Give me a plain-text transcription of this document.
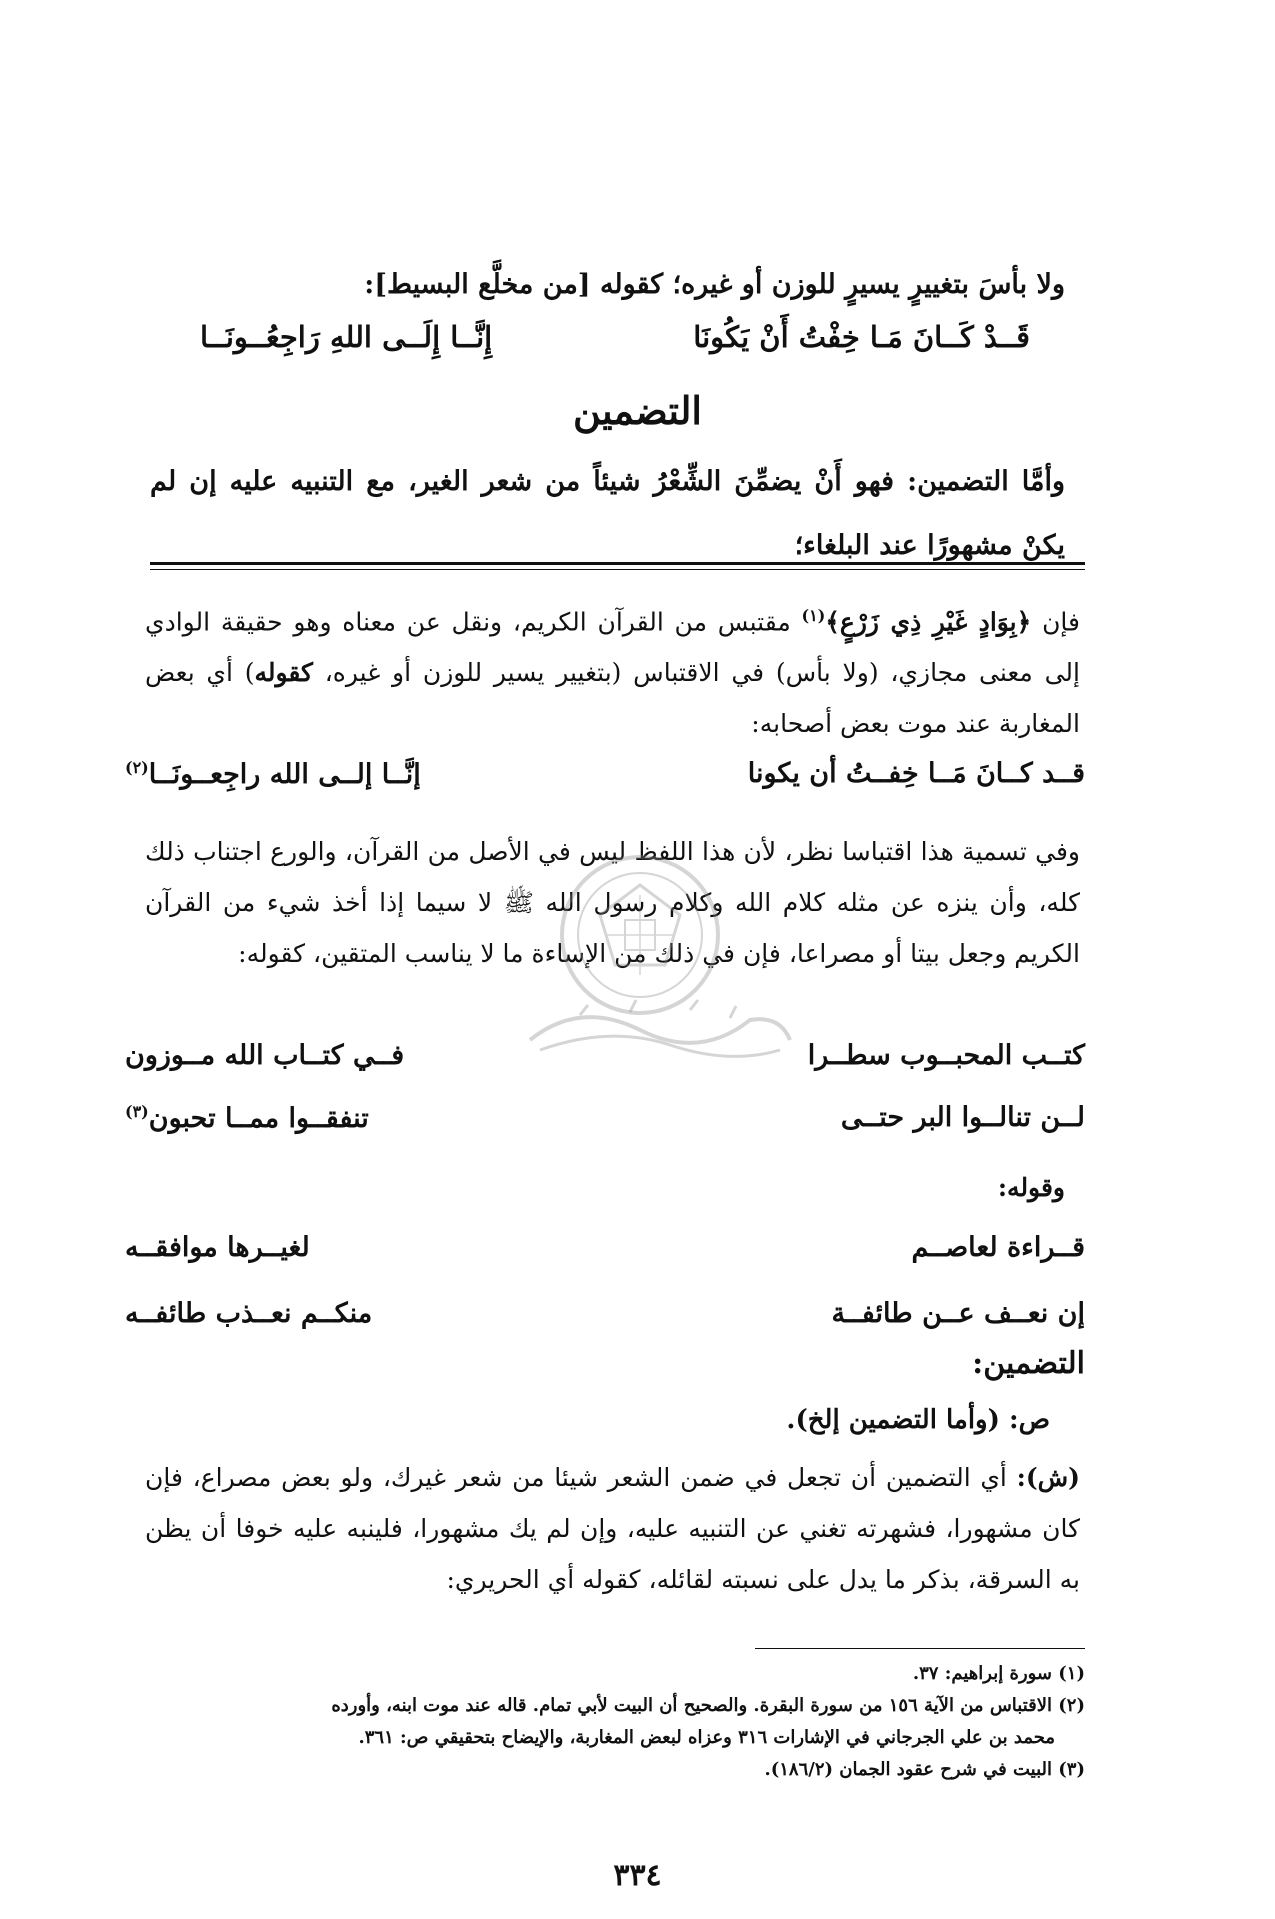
ولا بأسَ بتغييرٍ يسيرٍ للوزن أو غيره؛ كقوله [من مخلَّع البسيط]:

قَــدْ كَــانَ مَـا خِفْتُ أَنْ يَكُونَا
إِنَّــا إِلَــى اللهِ رَاجِعُــونَــا
التضمين

وأمَّا التضمين: فهو أَنْ يضمِّنَ الشِّعْرُ شيئاً من شعر الغير، مع التنبيه عليه إن لم يكنْ مشهورًا عند البلغاء؛

فإن ﴿بِوَادٍ غَيْرِ ذِي زَرْعٍ﴾$^{(١)}$ مقتبس من القرآن الكريم، ونقل عن معناه وهو حقيقة الوادي إلى معنى مجازي، (ولا بأس) في الاقتباس (بتغيير يسير للوزن أو غيره، كقوله) أي بعض المغاربة عند موت بعض أصحابه:

قــد كــانَ مَــا خِفــتُ أن يكونا
إنَّــا إلــى الله راجِعــونَــا$^{(٢)}$

وفي تسمية هذا اقتباسا نظر، لأن هذا اللفظ ليس في الأصل من القرآن، والورع اجتناب ذلك كله، وأن ينزه عن مثله كلام الله وكلام رسول الله ﷺ لا سيما إذا أخذ شيء من القرآن الكريم وجعل بيتا أو مصراعا، فإن في ذلك من الإساءة ما لا يناسب المتقين، كقوله:

كتــب المحبــوب سطــرا
فــي كتــاب الله مــوزون
لــن تنالــوا البر حتــى
تنفقــوا ممــا تحبون$^{(٣)}$

وقوله:

قــراءة لعاصــم
لغيــرها موافقــه
إن نعــف عــن طائفــة
منكــم نعــذب طائفــه

التضمين:

ص: (وأما التضمين إلخ).

(ش): أي التضمين أن تجعل في ضمن الشعر شيئا من شعر غيرك، ولو بعض مصراع، فإن كان مشهورا، فشهرته تغني عن التنبيه عليه، وإن لم يك مشهورا، فلينبه عليه خوفا أن يظن به السرقة، بذكر ما يدل على نسبته لقائله، كقوله أي الحريري:

(١) سورة إبراهيم: ٣٧.
(٢) الاقتباس من الآية ١٥٦ من سورة البقرة. والصحيح أن البيت لأبي تمام. قاله عند موت ابنه، وأورده
محمد بن علي الجرجاني في الإشارات ٣١٦ وعزاه لبعض المغاربة، والإيضاح بتحقيقي ص: ٣٦١.
(٣) البيت في شرح عقود الجمان (١٨٦/٢).
٣٣٤
